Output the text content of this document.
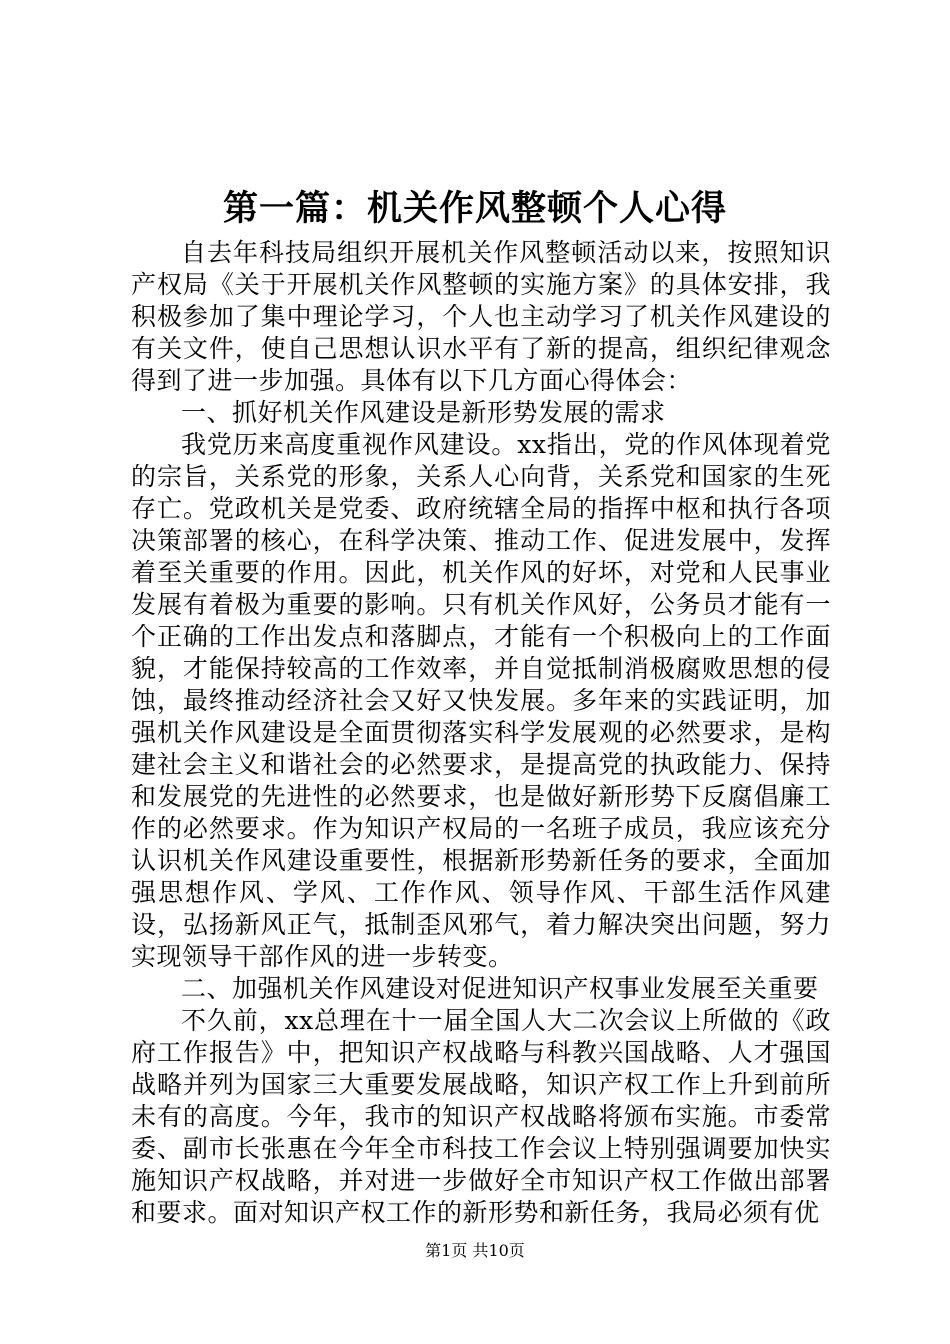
第一篇：机关作风整顿个人心得

自去年科技局组织开展机关作风整顿活动以来，按照知识产权局《关于开展机关作风整顿的实施方案》的具体安排，我积极参加了集中理论学习，个人也主动学习了机关作风建设的有关文件，使自己思想认识水平有了新的提高，组织纪律观念得到了进一步加强。具体有以下几方面心得体会：

一、抓好机关作风建设是新形势发展的需求

我党历来高度重视作风建设。xx指出，党的作风体现着党的宗旨，关系党的形象，关系人心向背，关系党和国家的生死存亡。党政机关是党委、政府统辖全局的指挥中枢和执行各项决策部署的核心，在科学决策、推动工作、促进发展中，发挥着至关重要的作用。因此，机关作风的好坏，对党和人民事业发展有着极为重要的影响。只有机关作风好，公务员才能有一个正确的工作出发点和落脚点，才能有一个积极向上的工作面貌，才能保持较高的工作效率，并自觉抵制消极腐败思想的侵蚀，最终推动经济社会又好又快发展。多年来的实践证明，加强机关作风建设是全面贯彻落实科学发展观的必然要求，是构建社会主义和谐社会的必然要求，是提高党的执政能力、保持和发展党的先进性的必然要求，也是做好新形势下反腐倡廉工作的必然要求。作为知识产权局的一名班子成员，我应该充分认识机关作风建设重要性，根据新形势新任务的要求，全面加强思想作风、学风、工作作风、领导作风、干部生活作风建设，弘扬新风正气，抵制歪风邪气，着力解决突出问题，努力实现领导干部作风的进一步转变。

二、加强机关作风建设对促进知识产权事业发展至关重要

不久前，xx总理在十一届全国人大二次会议上所做的《政府工作报告》中，把知识产权战略与科教兴国战略、人才强国战略并列为国家三大重要发展战略，知识产权工作上升到前所未有的高度。今年，我市的知识产权战略将颁布实施。市委常委、副市长张惠在今年全市科技工作会议上特别强调要加快实施知识产权战略，并对进一步做好全市知识产权工作做出部署和要求。面对知识产权工作的新形势和新任务，我局必须有优

第1页 共10页
